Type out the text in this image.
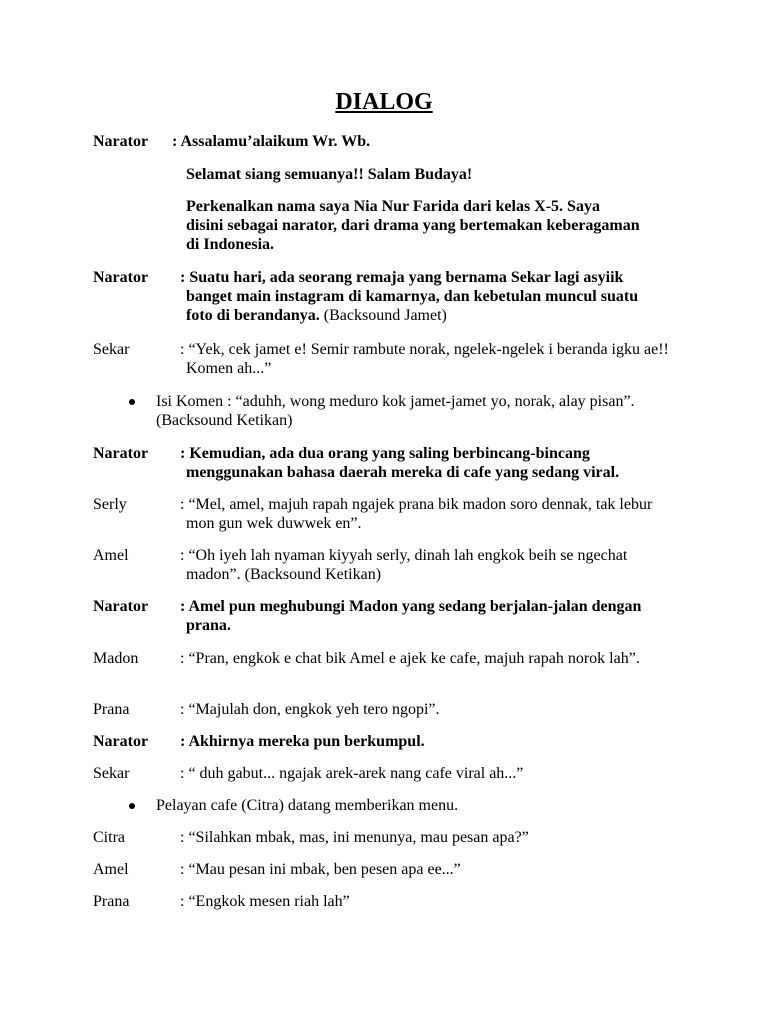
DIALOG
Narator : Assalamu’alaikum Wr. Wb.
Selamat siang semuanya!! Salam Budaya!
Perkenalkan nama saya Nia Nur Farida dari kelas X-5. Saya disini sebagai narator, dari drama yang bertemakan keberagaman di Indonesia.
Narator : Suatu hari, ada seorang remaja yang bernama Sekar lagi asyiik banget main instagram di kamarnya, dan kebetulan muncul suatu foto di berandanya. (Backsound Jamet)
Sekar	: “Yek, cek jamet e! Semir rambute norak, ngelek-ngelek i beranda igku ae!! Komen ah...”
Isi Komen : “aduhh, wong meduro kok jamet-jamet yo, norak, alay pisan”. (Backsound Ketikan)
Narator : Kemudian, ada dua orang yang saling berbincang-bincang menggunakan bahasa daerah mereka di cafe yang sedang viral.
Serly	: “Mel, amel, majuh rapah ngajek prana bik madon soro dennak, tak lebur mon gun wek duwwek en”.
Amel	: “Oh iyeh lah nyaman kiyyah serly, dinah lah engkok beih se ngechat madon”. (Backsound Ketikan)
Narator : Amel pun meghubungi Madon yang sedang berjalan-jalan dengan prana.
Madon	: “Pran, engkok e chat bik Amel e ajek ke cafe, majuh rapah norok lah”.
Prana	: “Majulah don, engkok yeh tero ngopi”.
Narator : Akhirnya mereka pun berkumpul.
Sekar	: “ duh gabut... ngajak arek-arek nang cafe viral ah...”
Pelayan cafe (Citra) datang memberikan menu.
Citra	: “Silahkan mbak, mas, ini menunya, mau pesan apa?”
Amel	: “Mau pesan ini mbak, ben pesen apa ee...”
Prana	: “Engkok mesen riah lah”
